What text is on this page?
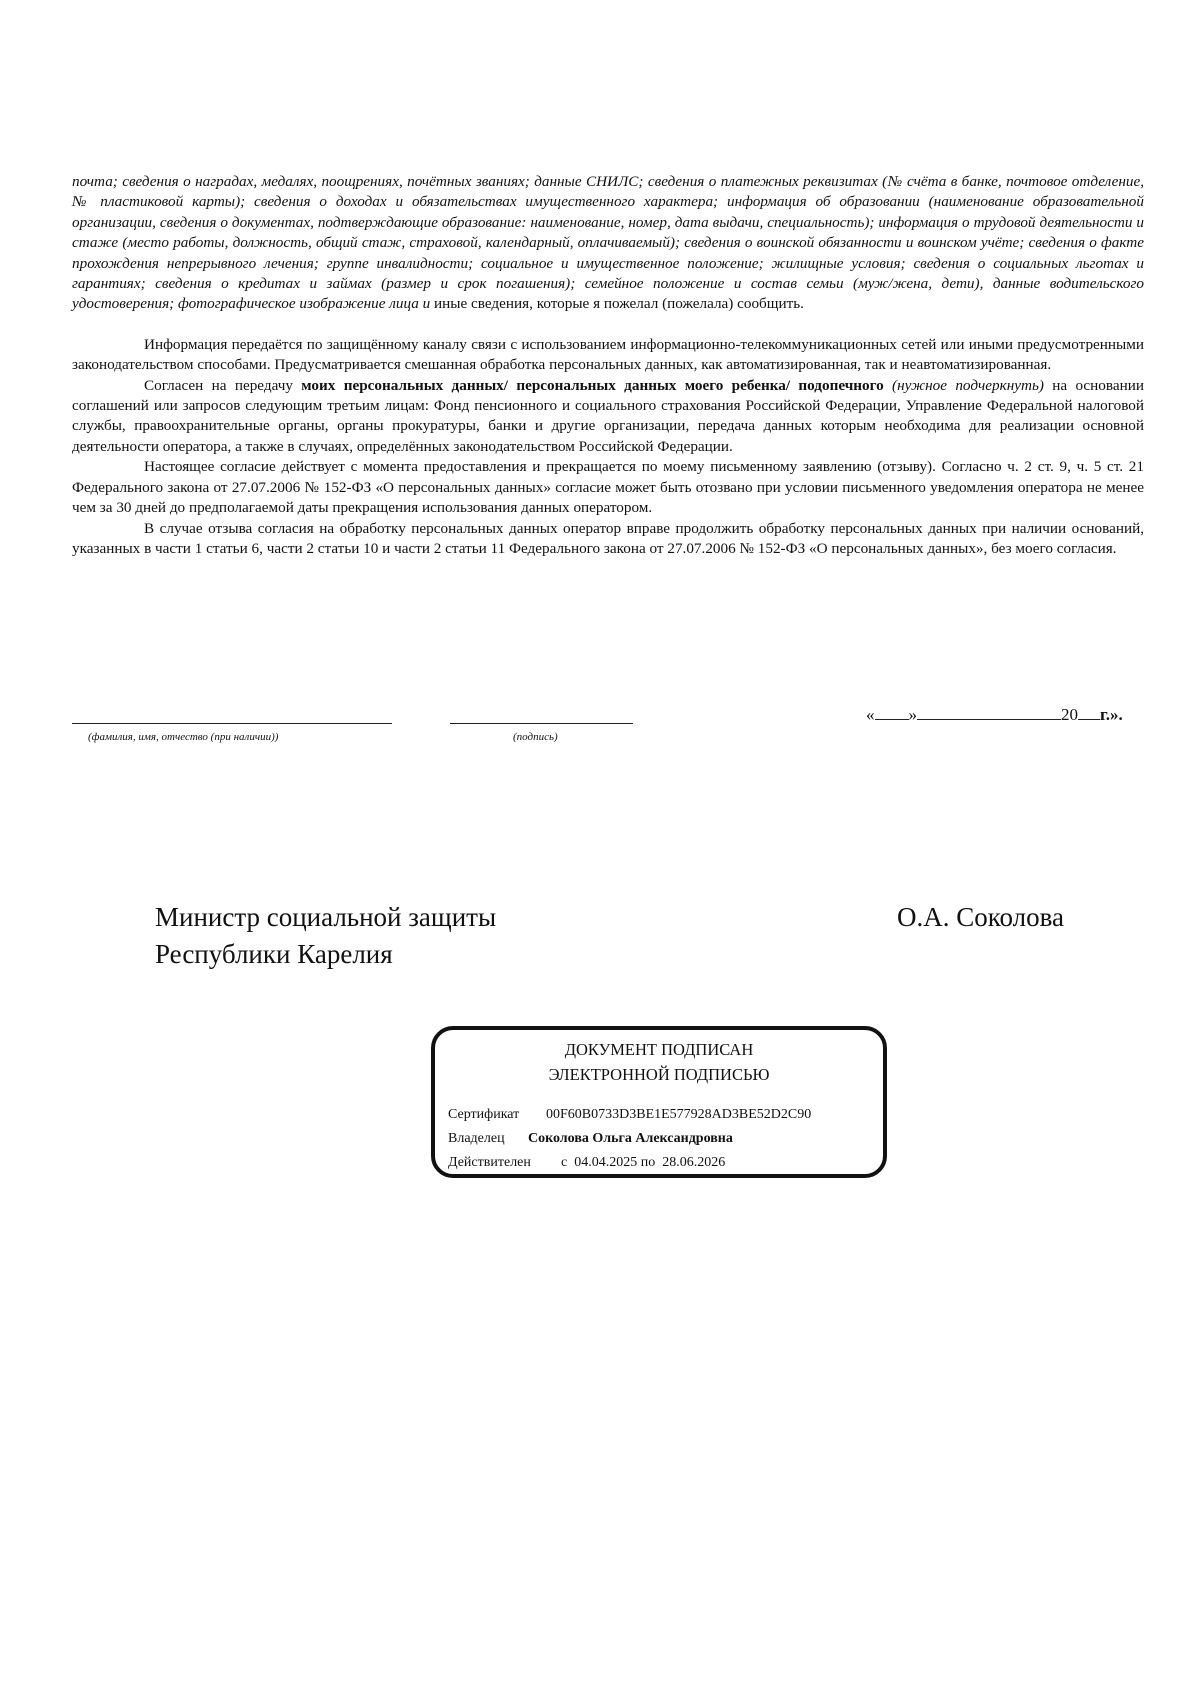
почта; сведения о наградах, медалях, поощрениях, почётных званиях; данные СНИЛС; сведения о платежных реквизитах (№ счёта в банке, почтовое отделение, № пластиковой карты); сведения о доходах и обязательствах имущественного характера; информация об образовании (наименование образовательной организации, сведения о документах, подтверждающие образование: наименование, номер, дата выдачи, специальность); информация о трудовой деятельности и стаже (место работы, должность, общий стаж, страховой, календарный, оплачиваемый); сведения о воинской обязанности и воинском учёте; сведения о факте прохождения непрерывного лечения; группе инвалидности; социальное и имущественное положение; жилищные условия; сведения о социальных льготах и гарантиях; сведения о кредитах и займах (размер и срок погашения); семейное положение и состав семьи (муж/жена, дети), данные водительского удостоверения; фотографическое изображение лица и иные сведения, которые я пожелал (пожелала) сообщить.

Информация передаётся по защищённому каналу связи с использованием информационно-телекоммуникационных сетей или иными предусмотренными законодательством способами. Предусматривается смешанная обработка персональных данных, как автоматизированная, так и неавтоматизированная.

Согласен на передачу моих персональных данных/ персональных данных моего ребенка/ подопечного (нужное подчеркнуть) на основании соглашений или запросов следующим третьим лицам: Фонд пенсионного и социального страхования Российской Федерации, Управление Федеральной налоговой службы, правоохранительные органы, органы прокуратуры, банки и другие организации, передача данных которым необходима для реализации основной деятельности оператора, а также в случаях, определённых законодательством Российской Федерации.

Настоящее согласие действует с момента предоставления и прекращается по моему письменному заявлению (отзыву). Согласно ч. 2 ст. 9, ч. 5 ст. 21 Федерального закона от 27.07.2006 № 152-ФЗ «О персональных данных» согласие может быть отозвано при условии письменного уведомления оператора не менее чем за 30 дней до предполагаемой даты прекращения использования данных оператором.

В случае отзыва согласия на обработку персональных данных оператор вправе продолжить обработку персональных данных при наличии оснований, указанных в части 1 статьи 6, части 2 статьи 10 и части 2 статьи 11 Федерального закона от 27.07.2006 № 152-ФЗ «О персональных данных», без моего согласия.

(фамилия, имя, отчество (при наличии))	(подпись)
« »	20 г.».
Министр социальной защиты
Республики Карелия
О.А. Соколова
ДОКУМЕНТ ПОДПИСАН
ЭЛЕКТРОННОЙ ПОДПИСЬЮ
Сертификат 00F60B0733D3BE1E577928AD3BE52D2C90
Владелец Соколова Ольга Александровна
Действителен с 04.04.2025 по 28.06.2026
